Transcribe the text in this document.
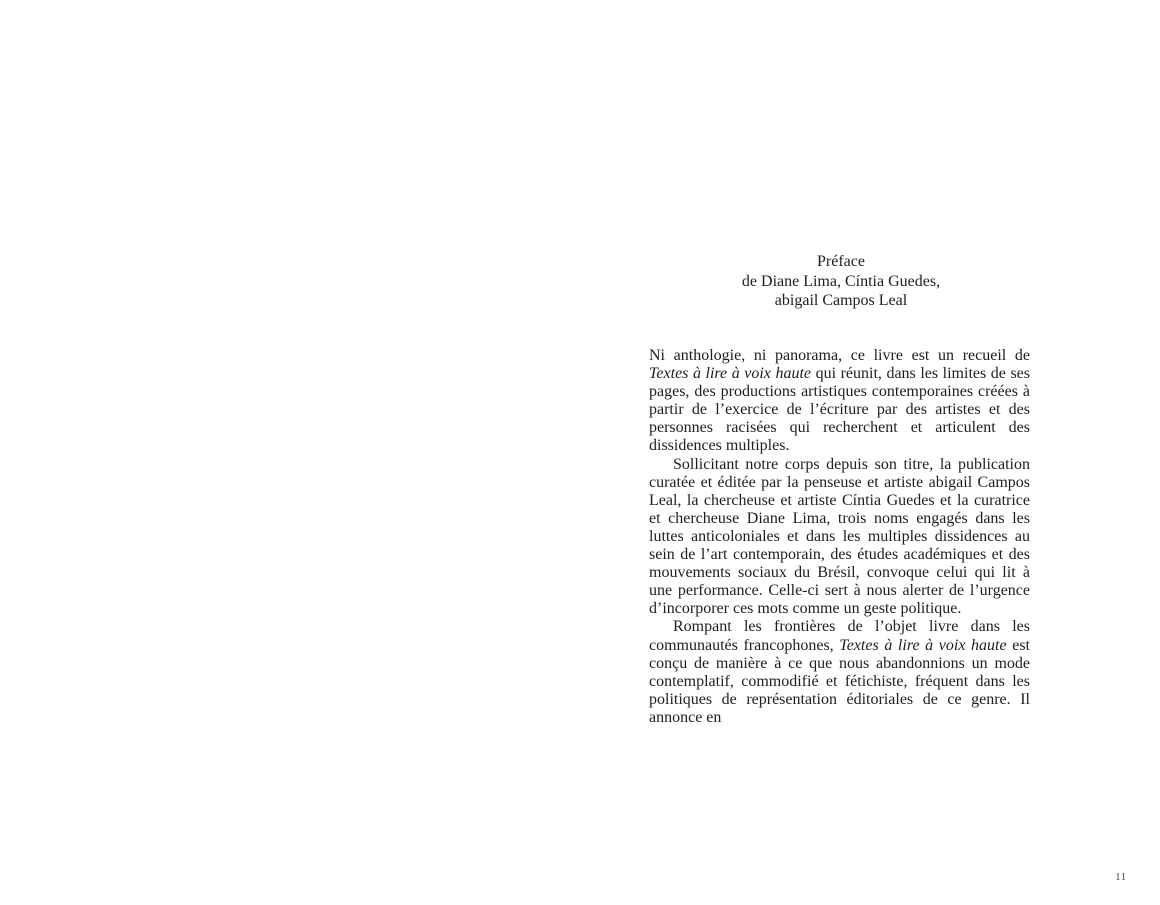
Préface
de Diane Lima, Cíntia Guedes,
abigail Campos Leal

Ni anthologie, ni panorama, ce livre est un recueil de Textes à lire à voix haute qui réunit, dans les limites de ses pages, des productions artistiques contemporaines créées à partir de l’exercice de l’écriture par des artistes et des personnes racisées qui recherchent et articulent des dissidences multiples.

Sollicitant notre corps depuis son titre, la publication curatée et éditée par la penseuse et artiste abigail Campos Leal, la chercheuse et artiste Cíntia Guedes et la curatrice et chercheuse Diane Lima, trois noms engagés dans les luttes anticoloniales et dans les multiples dissidences au sein de l’art contemporain, des études académiques et des mouvements sociaux du Brésil, convoque celui qui lit à une performance. Celle-ci sert à nous alerter de l’urgence d’incorporer ces mots comme un geste politique.

Rompant les frontières de l’objet livre dans les communautés francophones, Textes à lire à voix haute est conçu de manière à ce que nous abandonnions un mode contemplatif, commodifié et fétichiste, fréquent dans les politiques de représentation éditoriales de ce genre. Il annonce en

11
